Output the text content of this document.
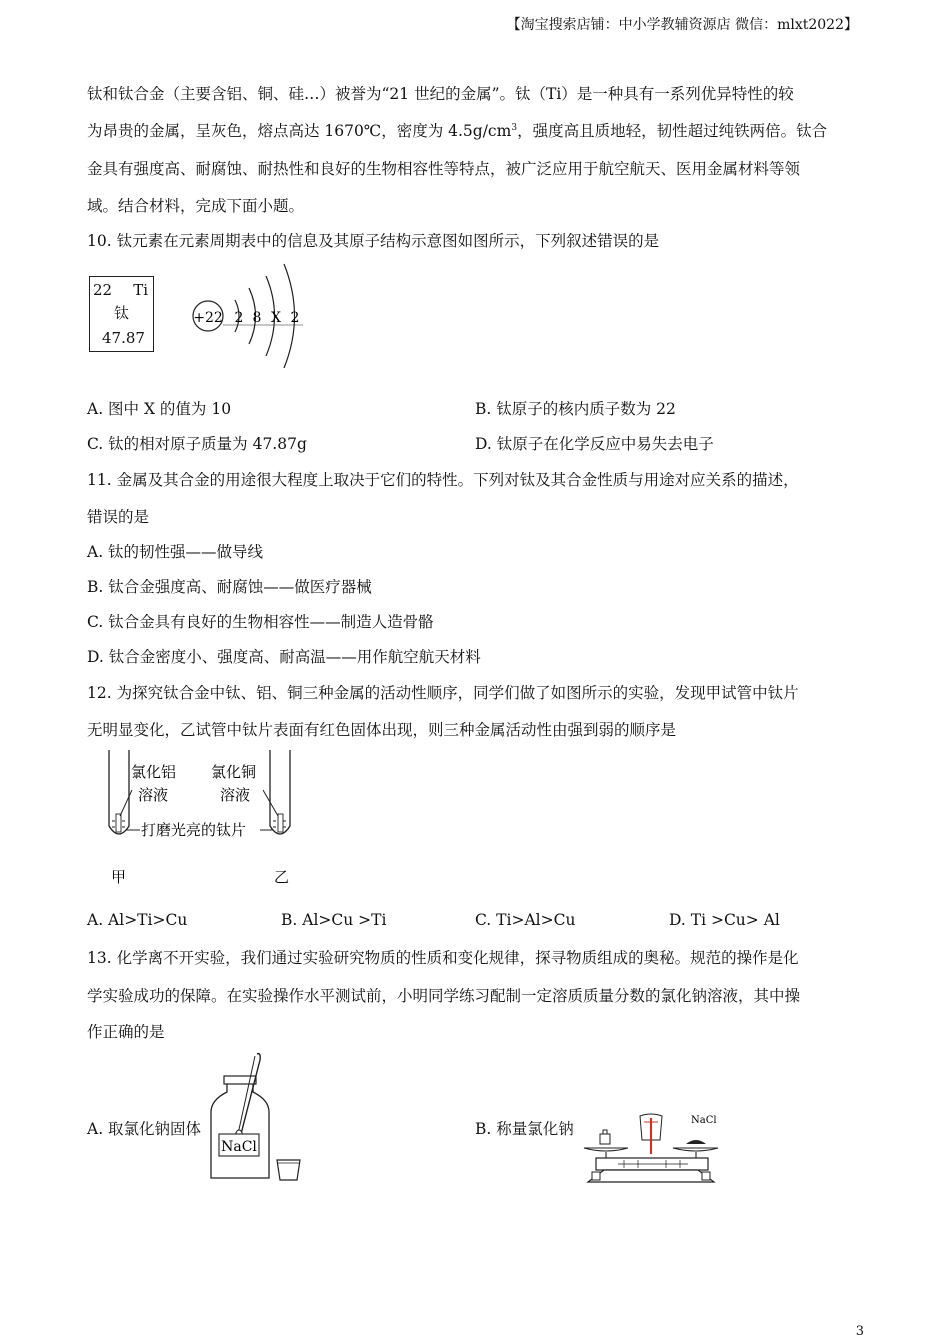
【淘宝搜索店铺：中小学教辅资源店 微信：mlxt2022】
钛和钛合金（主要含铝、铜、硅…）被誉为“21 世纪的金属”。钛（Ti）是一种具有一系列优异特性的较
为昂贵的金属，呈灰色，熔点高达 1670℃，密度为 $4.5g/cm^3$，强度高且质地轻，韧性超过纯铁两倍。钛合
金具有强度高、耐腐蚀、耐热性和良好的生物相容性等特点，被广泛应用于航空航天、医用金属材料等领
域。结合材料，完成下面小题。
10. 钛元素在元素周期表中的信息及其原子结构示意图如图所示，下列叙述错误的是
22 Ti
钛
47.87
+22 2 8 X 2
A. 图中 X 的值为 10	B. 钛原子的核内质子数为 22
C. 钛的相对原子质量为 47.87g	D. 钛原子在化学反应中易失去电子
11. 金属及其合金的用途很大程度上取决于它们的特性。下列对钛及其合金性质与用途对应关系的描述，
错误的是
A. 钛的韧性强——做导线
B. 钛合金强度高、耐腐蚀——做医疗器械
C. 钛合金具有良好的生物相容性——制造人造骨骼
D. 钛合金密度小、强度高、耐高温——用作航空航天材料
12. 为探究钛合金中钛、铝、铜三种金属的活动性顺序，同学们做了如图所示的实验，发现甲试管中钛片
无明显变化，乙试管中钛片表面有红色固体出现，则三种金属活动性由强到弱的顺序是
氯化铝
溶液
氯化铜
溶液
打磨光亮的钛片
甲	乙
A. Al>Ti>Cu	B. Al>Cu >Ti	C. Ti>Al>Cu	D. Ti >Cu> Al
13. 化学离不开实验，我们通过实验研究物质的性质和变化规律，探寻物质组成的奥秘。规范的操作是化
学实验成功的保障。在实验操作水平测试前，小明同学练习配制一定溶质质量分数的氯化钠溶液，其中操
作正确的是
A. 取氯化钠固体
NaCl
B. 称量氯化钠	NaCl
3
